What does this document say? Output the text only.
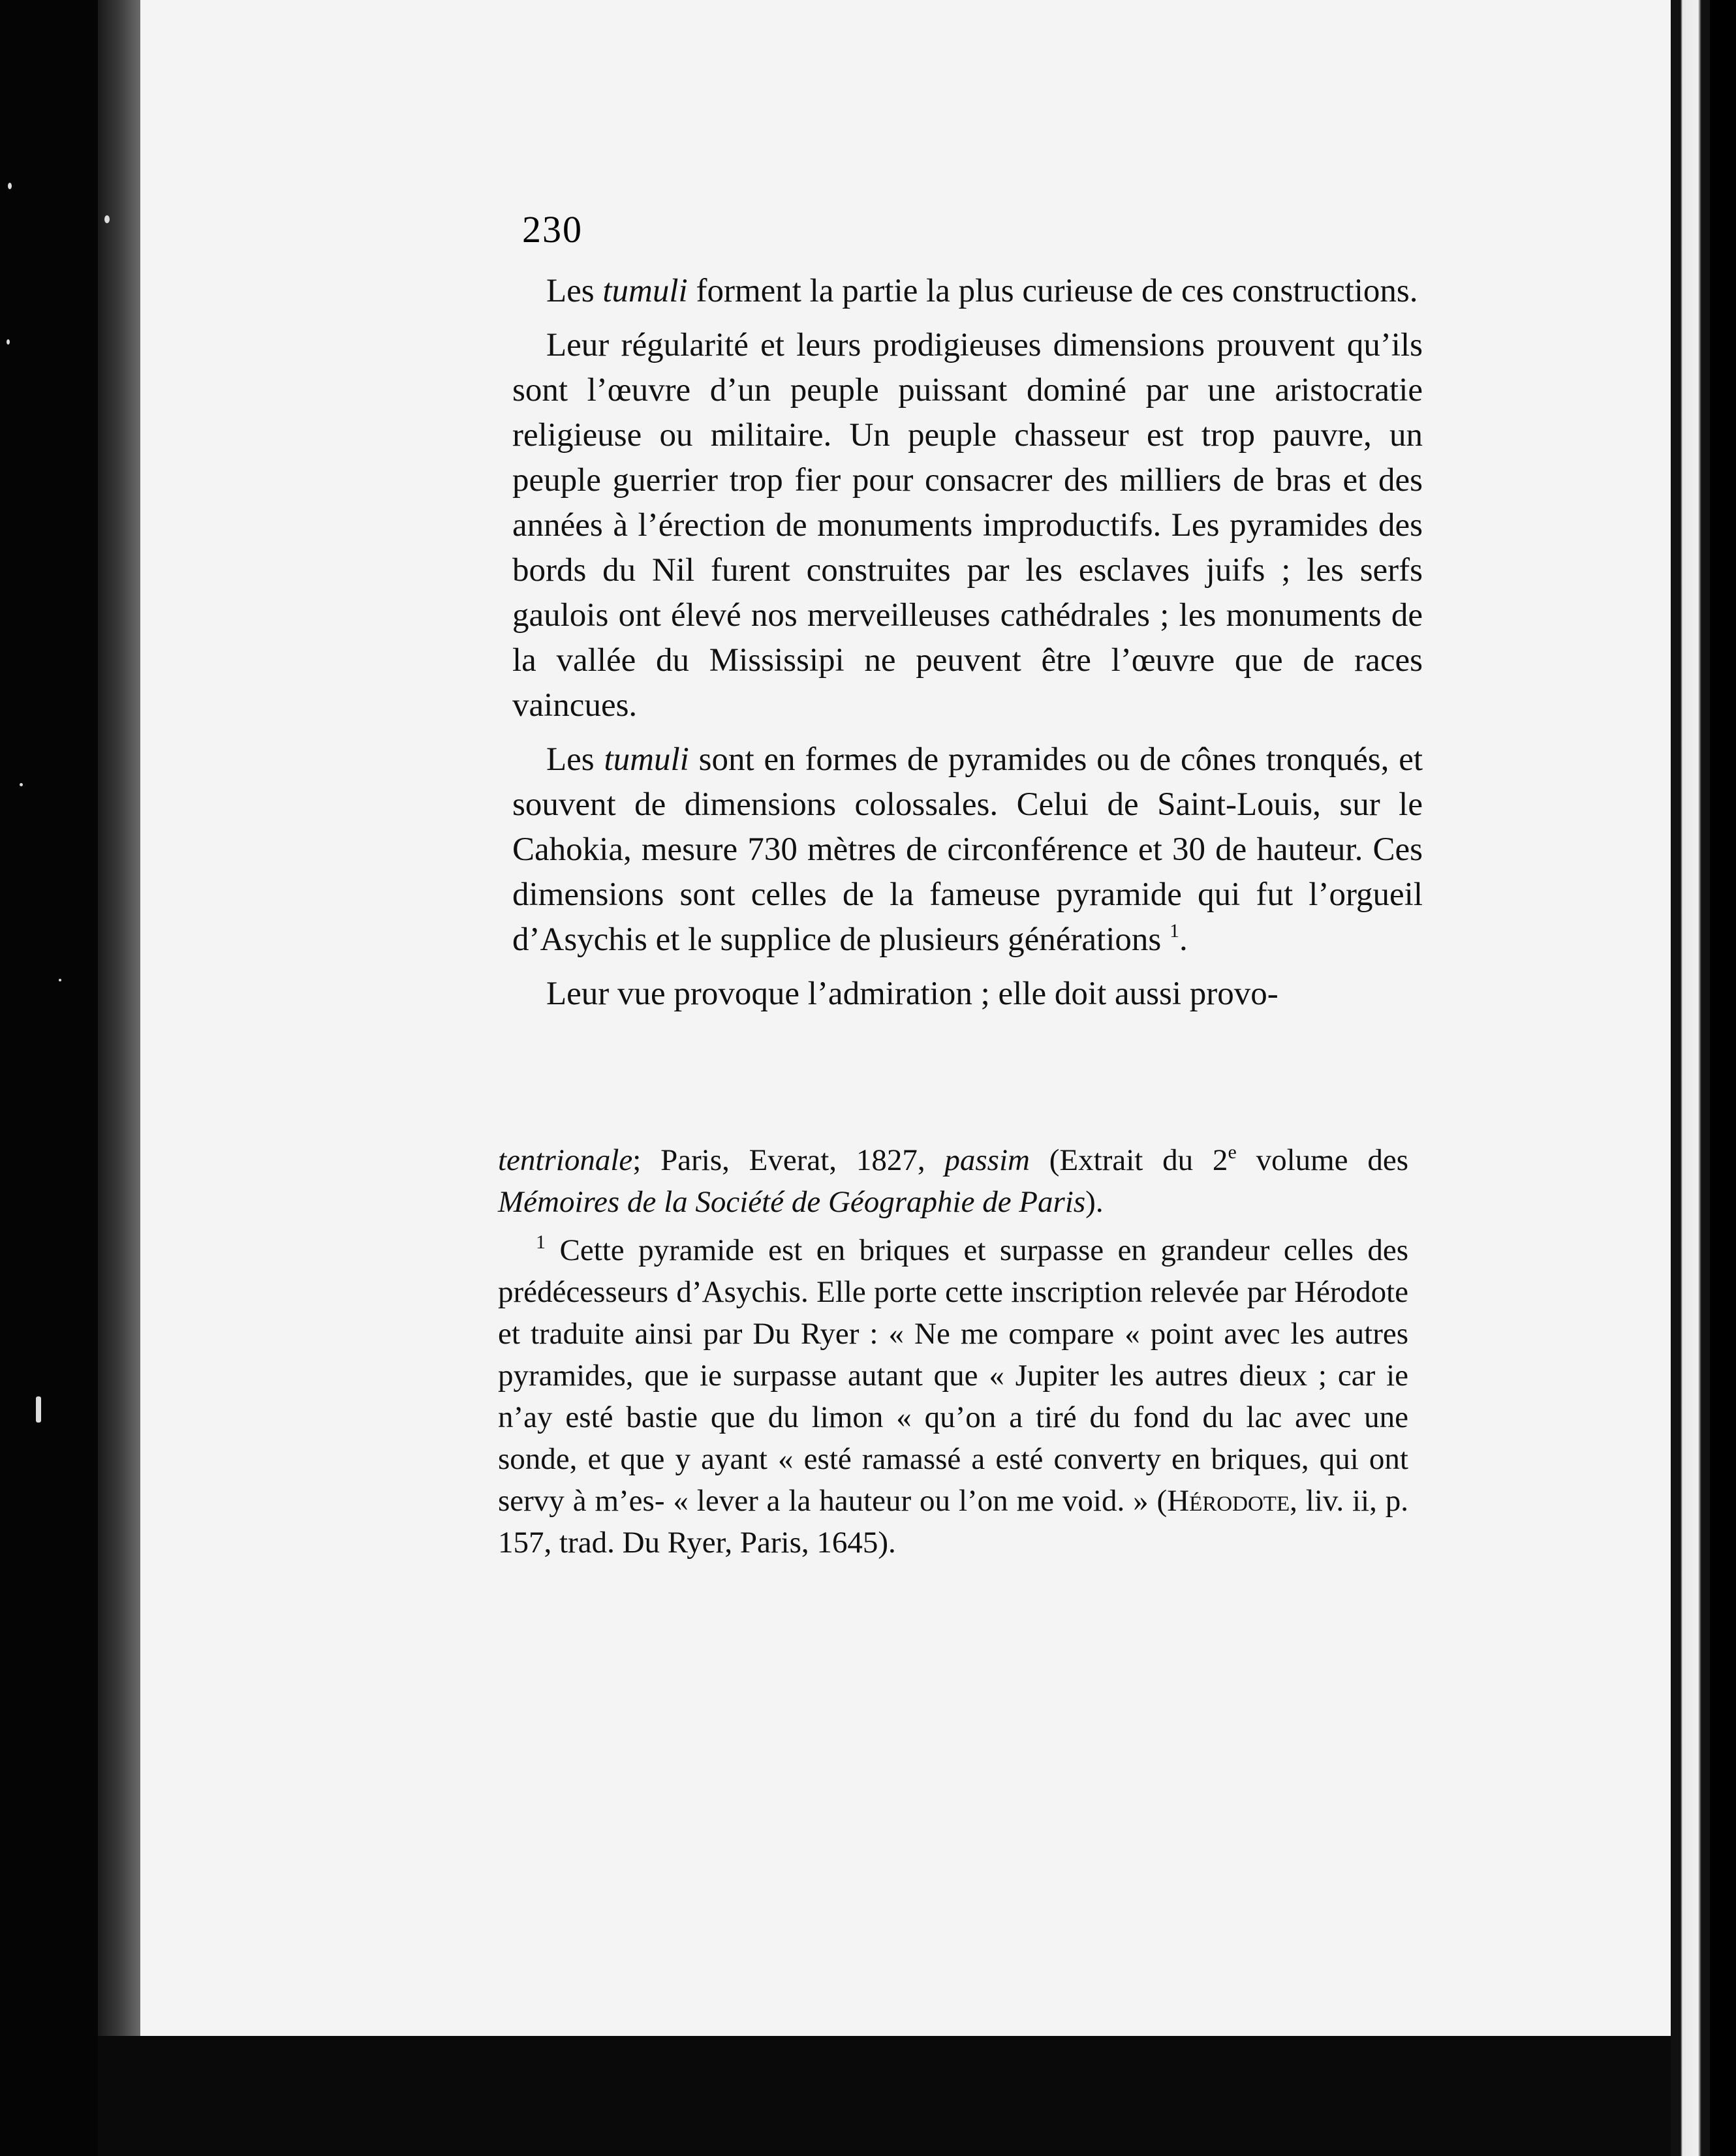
230

Les tumuli forment la partie la plus curieuse de ces constructions.

Leur régularité et leurs prodigieuses dimensions prouvent qu’ils sont l’œuvre d’un peuple puissant dominé par une aristocratie religieuse ou militaire. Un peuple chasseur est trop pauvre, un peuple guerrier trop fier pour consacrer des milliers de bras et des années à l’érection de monuments improductifs. Les pyramides des bords du Nil furent construites par les esclaves juifs ; les serfs gaulois ont élevé nos merveilleuses cathédrales ; les monuments de la vallée du Mississipi ne peuvent être l’œuvre que de races vaincues.

Les tumuli sont en formes de pyramides ou de cônes tronqués, et souvent de dimensions colossales. Celui de Saint-Louis, sur le Cahokia, mesure 730 mètres de circonférence et 30 de hauteur. Ces dimensions sont celles de la fameuse pyramide qui fut l’orgueil d’Asychis et le supplice de plusieurs générations $^1$.

Leur vue provoque l’admiration ; elle doit aussi provo-

tentrionale; Paris, Everat, 1827, passim (Extrait du 2e volume des Mémoires de la Société de Géographie de Paris).

$^1$ Cette pyramide est en briques et surpasse en grandeur celles des prédécesseurs d’Asychis. Elle porte cette inscription relevée par Hérodote et traduite ainsi par Du Ryer : « Ne me compare « point avec les autres pyramides, que ie surpasse autant que « Jupiter les autres dieux ; car ie n’ay esté bastie que du limon « qu’on a tiré du fond du lac avec une sonde, et que y ayant « esté ramassé a esté converty en briques, qui ont servy à m’es- « lever a la hauteur ou l’on me void. » (Hérodote, liv. ii, p. 157, trad. Du Ryer, Paris, 1645).
